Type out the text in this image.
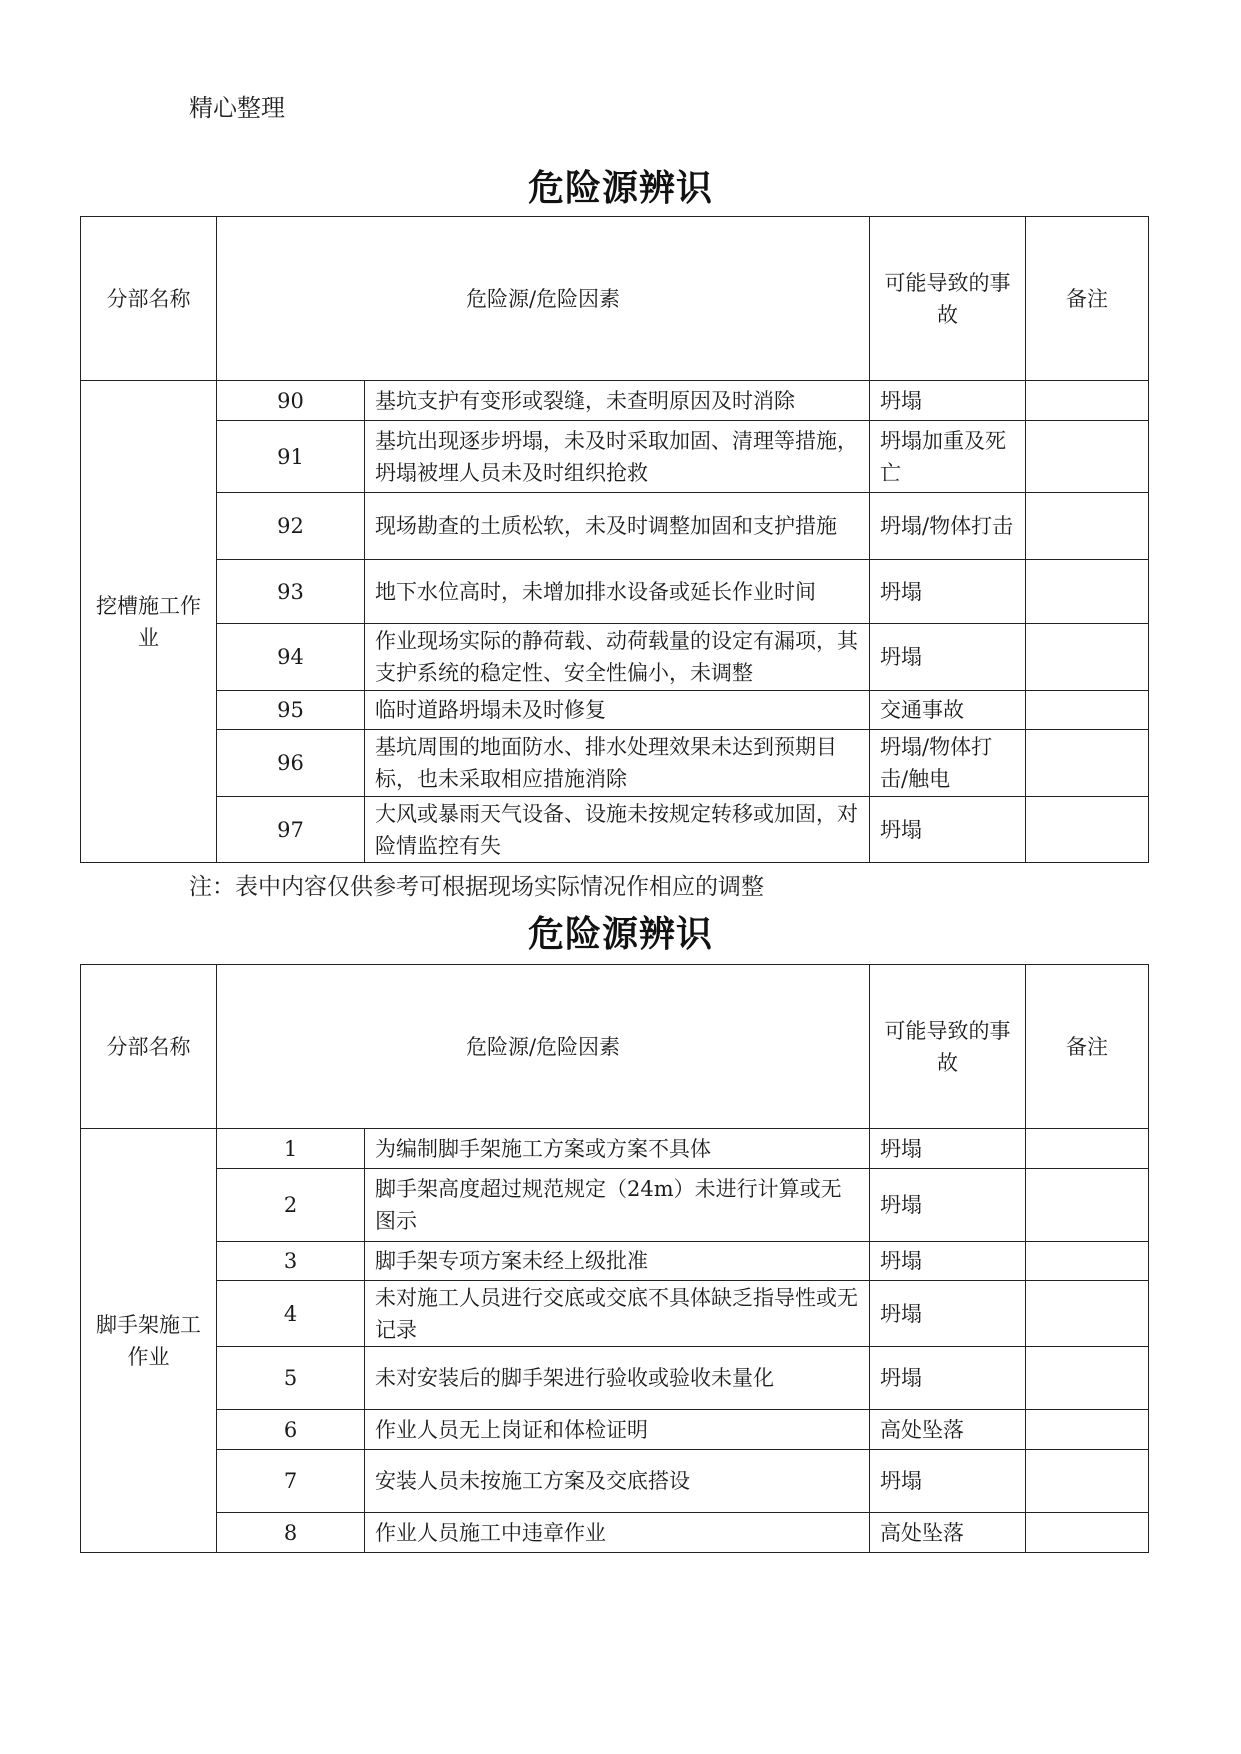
精心整理
危险源辨识
分部名称	危险源/危险因素		可能导致的事故	备注
挖槽施工作业	90	基坑支护有变形或裂缝，未查明原因及时消除	坍塌	
	91	基坑出现逐步坍塌，未及时采取加固、清理等措施，坍塌被埋人员未及时组织抢救	坍塌加重及死亡	
	92	现场勘查的土质松软，未及时调整加固和支护措施	坍塌/物体打击	
	93	地下水位高时，未增加排水设备或延长作业时间	坍塌	
	94	作业现场实际的静荷载、动荷载量的设定有漏项，其支护系统的稳定性、安全性偏小，未调整	坍塌	
	95	临时道路坍塌未及时修复	交通事故	
	96	基坑周围的地面防水、排水处理效果未达到预期目标，也未采取相应措施消除	坍塌/物体打击/触电	
	97	大风或暴雨天气设备、设施未按规定转移或加固，对险情监控有失	坍塌	
注：表中内容仅供参考可根据现场实际情况作相应的调整
危险源辨识
分部名称	危险源/危险因素		可能导致的事故	备注
脚手架施工作业	1	为编制脚手架施工方案或方案不具体	坍塌	
	2	脚手架高度超过规范规定（24m）未进行计算或无图示	坍塌	
	3	脚手架专项方案未经上级批准	坍塌	
	4	未对施工人员进行交底或交底不具体缺乏指导性或无记录	坍塌	
	5	未对安装后的脚手架进行验收或验收未量化	坍塌	
	6	作业人员无上岗证和体检证明	高处坠落	
	7	安装人员未按施工方案及交底搭设	坍塌	
	8	作业人员施工中违章作业	高处坠落	
